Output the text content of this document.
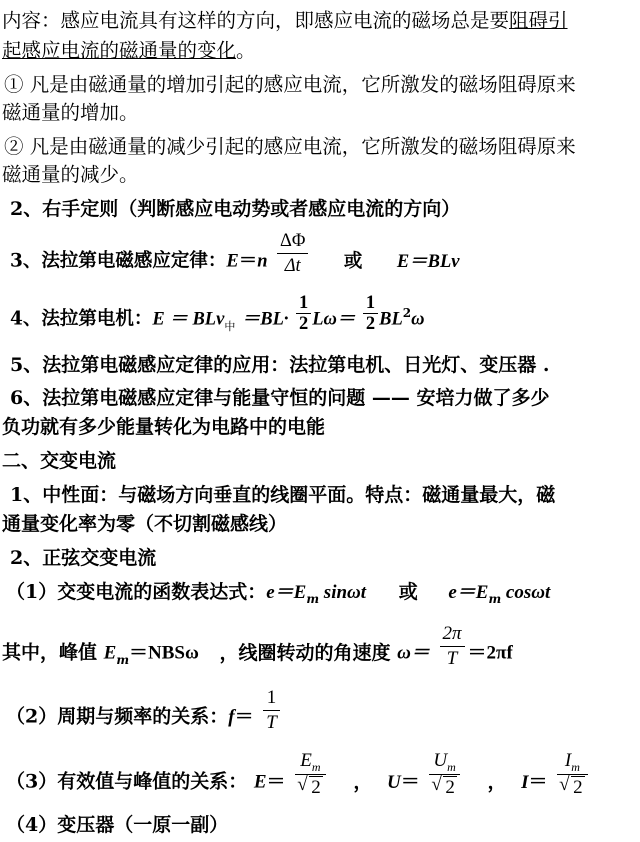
内容：感应电流具有这样的方向，即感应电流的磁场总是要阻碍引
起感应电流的磁通量的变化。
① 凡是由磁通量的增加引起的感应电流，它所激发的磁场阻碍原来
磁通量的增加。
② 凡是由磁通量的减少引起的感应电流，它所激发的磁场阻碍原来
磁通量的减少。
2、右手定则（判断感应电动势或者感应电流的方向）
3、法拉第电磁感应定律：$E=n \frac{\Delta\Phi}{\Delta t}$ 或 E＝BLv
4、法拉第电机：$E = BLv_中 =BL\cdot \frac{1}{2} L\omega= \frac{1}{2} BL^2\omega$
5、法拉第电磁感应定律的应用：法拉第电机、日光灯、变压器 .
6、法拉第电磁感应定律与能量守恒的问题 —— 安培力做了多少
负功就有多少能量转化为电路中的电能
二、交变电流
1、中性面：与磁场方向垂直的线圈平面。特点：磁通量最大，磁
通量变化率为零（不切割磁感线）
2、正弦交变电流
（1）交变电流的函数表达式：$e=E_m$ sinωt 或 $e=E_m$ cosωt
其中，峰值 $E_m=NBS\omega$ ，线圈转动的角速度 $\omega= \frac{2\pi}{T} =2\pi f$
（2）周期与频率的关系：$f= \frac{1}{T}$
（3）有效值与峰值的关系： $E= E_m$
√ 2 ， $U= U_m$
√ 2 ， $I= I_m$
√ 2
（4）变压器（一原一副）
